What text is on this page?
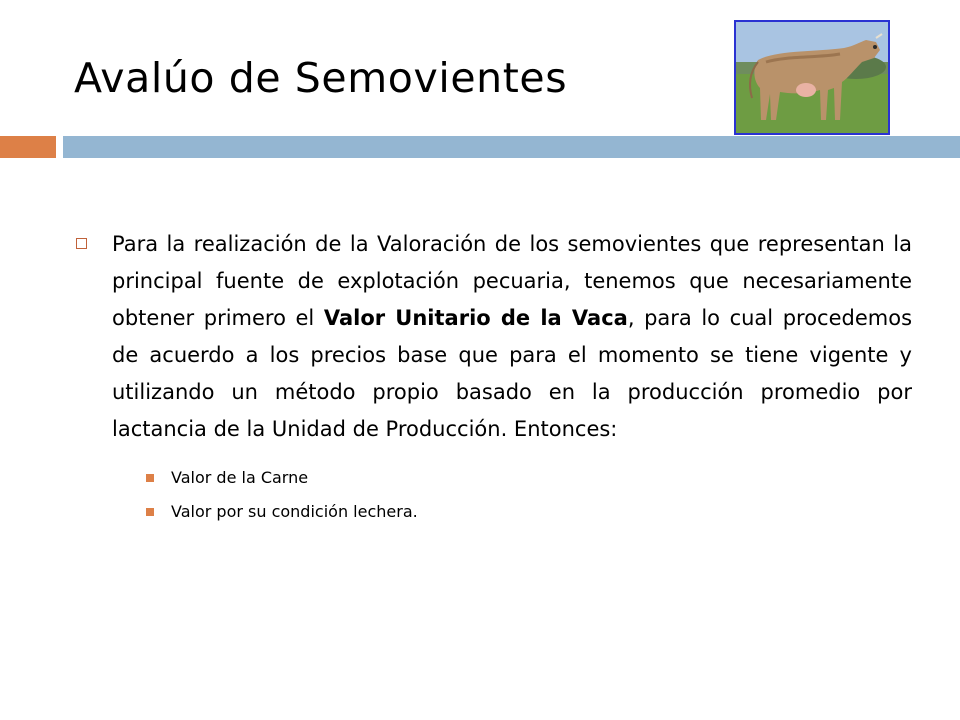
Avalúo de Semovientes

Para la realización de la Valoración de los semovientes que representan la principal fuente de explotación pecuaria, tenemos que necesariamente obtener primero el Valor Unitario de la Vaca, para lo cual procedemos de acuerdo a los precios base que para el momento se tiene vigente y utilizando un método propio basado en la producción promedio por lactancia de la Unidad de Producción. Entonces:

Valor de la Carne
Valor por su condición lechera.
